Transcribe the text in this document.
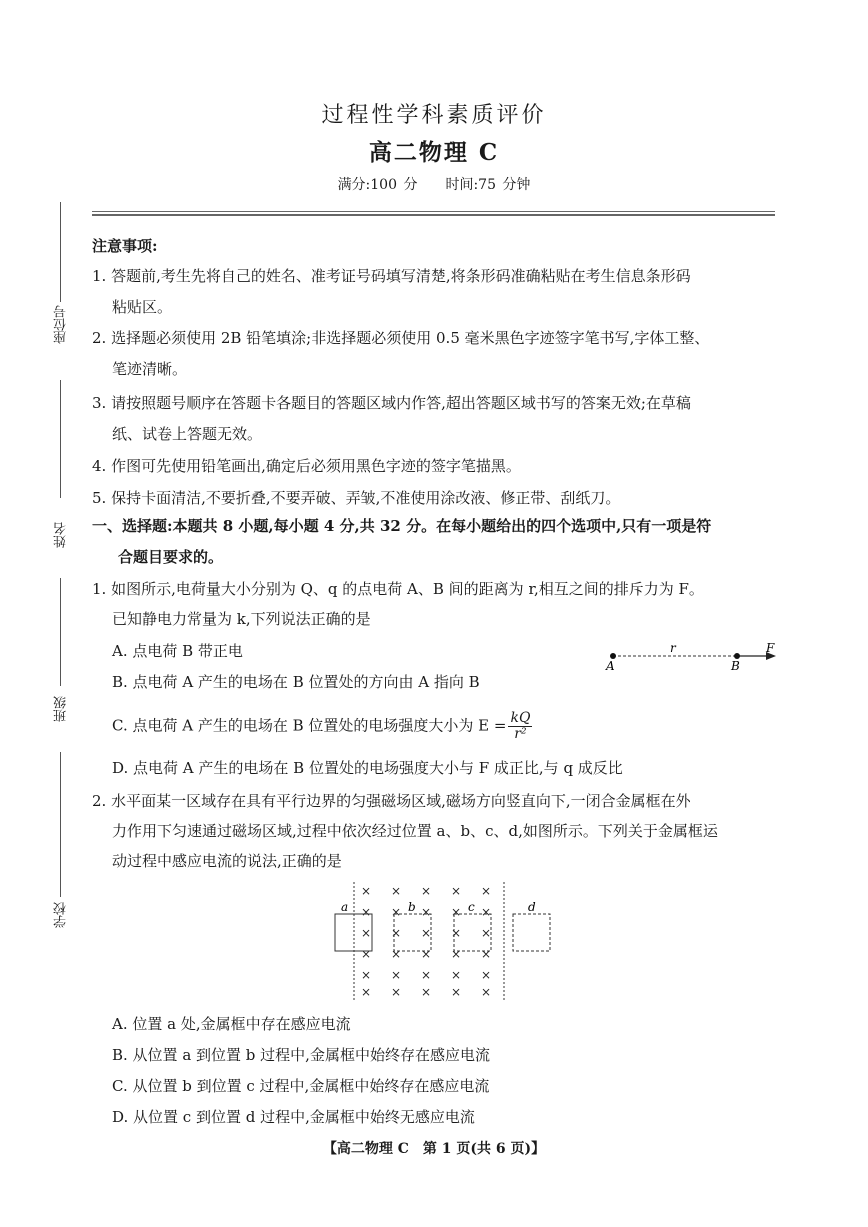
过程性学科素质评价
高二物理 C
满分:100 分　　时间:75 分钟
座位号
姓名
班级
学校
注意事项:
1. 答题前,考生先将自己的姓名、准考证号码填写清楚,将条形码准确粘贴在考生信息条形码
粘贴区。
2. 选择题必须使用 2B 铅笔填涂;非选择题必须使用 0.5 毫米黑色字迹签字笔书写,字体工整、
笔迹清晰。
3. 请按照题号顺序在答题卡各题目的答题区域内作答,超出答题区域书写的答案无效;在草稿
纸、试卷上答题无效。
4. 作图可先使用铅笔画出,确定后必须用黑色字迹的签字笔描黑。
5. 保持卡面清洁,不要折叠,不要弄破、弄皱,不准使用涂改液、修正带、刮纸刀。
一、选择题:本题共 8 小题,每小题 4 分,共 32 分。在每小题给出的四个选项中,只有一项是符
合题目要求的。
1. 如图所示,电荷量大小分别为 Q、q 的点电荷 A、B 间的距离为 r,相互之间的排斥力为 F。
已知静电力常量为 k,下列说法正确的是
A. 点电荷 B 带正电
B. 点电荷 A 产生的电场在 B 位置处的方向由 A 指向 B
C. 点电荷 A 产生的电场在 B 位置处的电场强度大小为 $E = \frac{kQ}{\text{r²}}$
D. 点电荷 A 产生的电场在 B 位置处的电场强度大小与 F 成正比,与 q 成反比
A	B
r	F
2. 水平面某一区域存在具有平行边界的匀强磁场区域,磁场方向竖直向下,一闭合金属框在外
力作用下匀速通过磁场区域,过程中依次经过位置 a、b、c、d,如图所示。下列关于金属框运
动过程中感应电流的说法,正确的是
× × × × ×
× × × × ×
× × × × ×
× × × × ×
× × × × ×
× × × × ×
a	b	c	d
A. 位置 a 处,金属框中存在感应电流
B. 从位置 a 到位置 b 过程中,金属框中始终存在感应电流
C. 从位置 b 到位置 c 过程中,金属框中始终存在感应电流
D. 从位置 c 到位置 d 过程中,金属框中始终无感应电流
【高二物理 C　第 1 页(共 6 页)】
